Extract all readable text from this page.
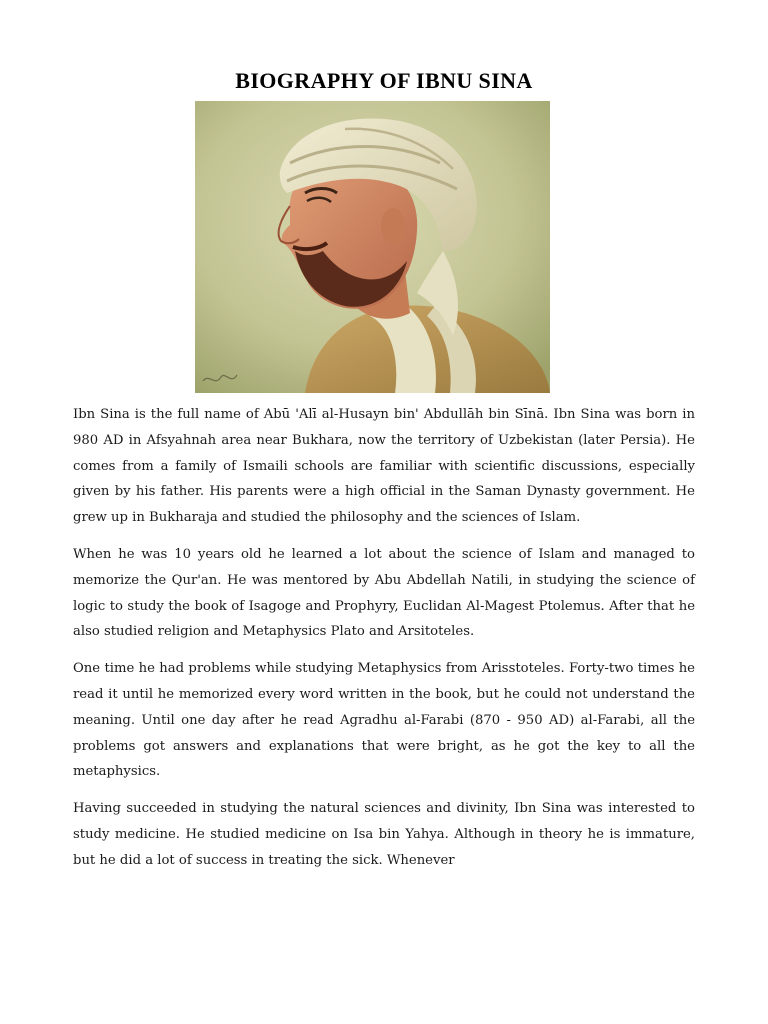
BIOGRAPHY OF IBNU SINA

Ibn Sina is the full name of Abū 'Alī al-Husayn bin' Abdullāh bin Sīnā. Ibn Sina was born in 980 AD in Afsyahnah area near Bukhara, now the territory of Uzbekistan (later Persia). He comes from a family of Ismaili schools are familiar with scientific discussions, especially given by his father. His parents were a high official in the Saman Dynasty government. He grew up in Bukharaja and studied the philosophy and the sciences of Islam.

When he was 10 years old he learned a lot about the science of Islam and managed to memorize the Qur'an. He was mentored by Abu Abdellah Natili, in studying the science of logic to study the book of Isagoge and Prophyry, Euclidan Al-Magest Ptolemus. After that he also studied religion and Metaphysics Plato and Arsitoteles.

One time he had problems while studying Metaphysics from Arisstoteles. Forty-two times he read it until he memorized every word written in the book, but he could not understand the meaning. Until one day after he read Agradhu al-Farabi (870 - 950 AD) al-Farabi, all the problems got answers and explanations that were bright, as he got the key to all the metaphysics.

Having succeeded in studying the natural sciences and divinity, Ibn Sina was interested to study medicine. He studied medicine on Isa bin Yahya. Although in theory he is immature, but he did a lot of success in treating the sick. Whenever
